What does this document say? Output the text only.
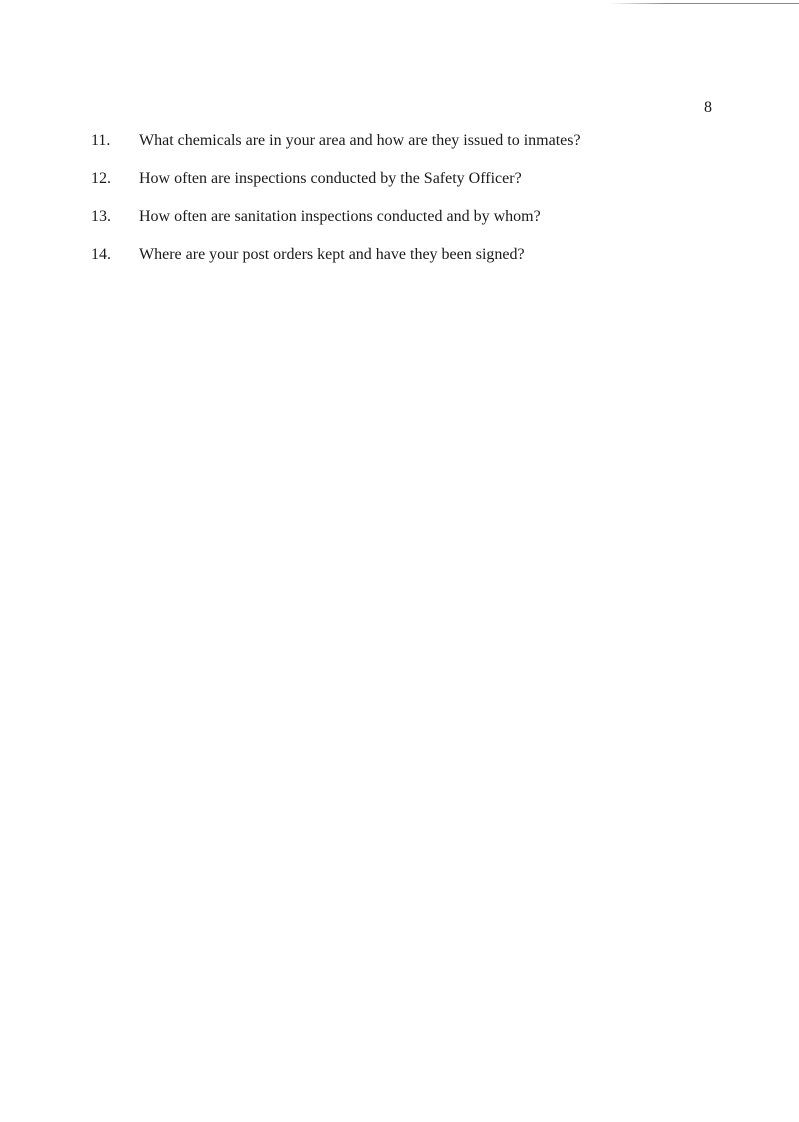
8
11. What chemicals are in your area and how are they issued to inmates?
12. How often are inspections conducted by the Safety Officer?
13. How often are sanitation inspections conducted and by whom?
14. Where are your post orders kept and have they been signed?
